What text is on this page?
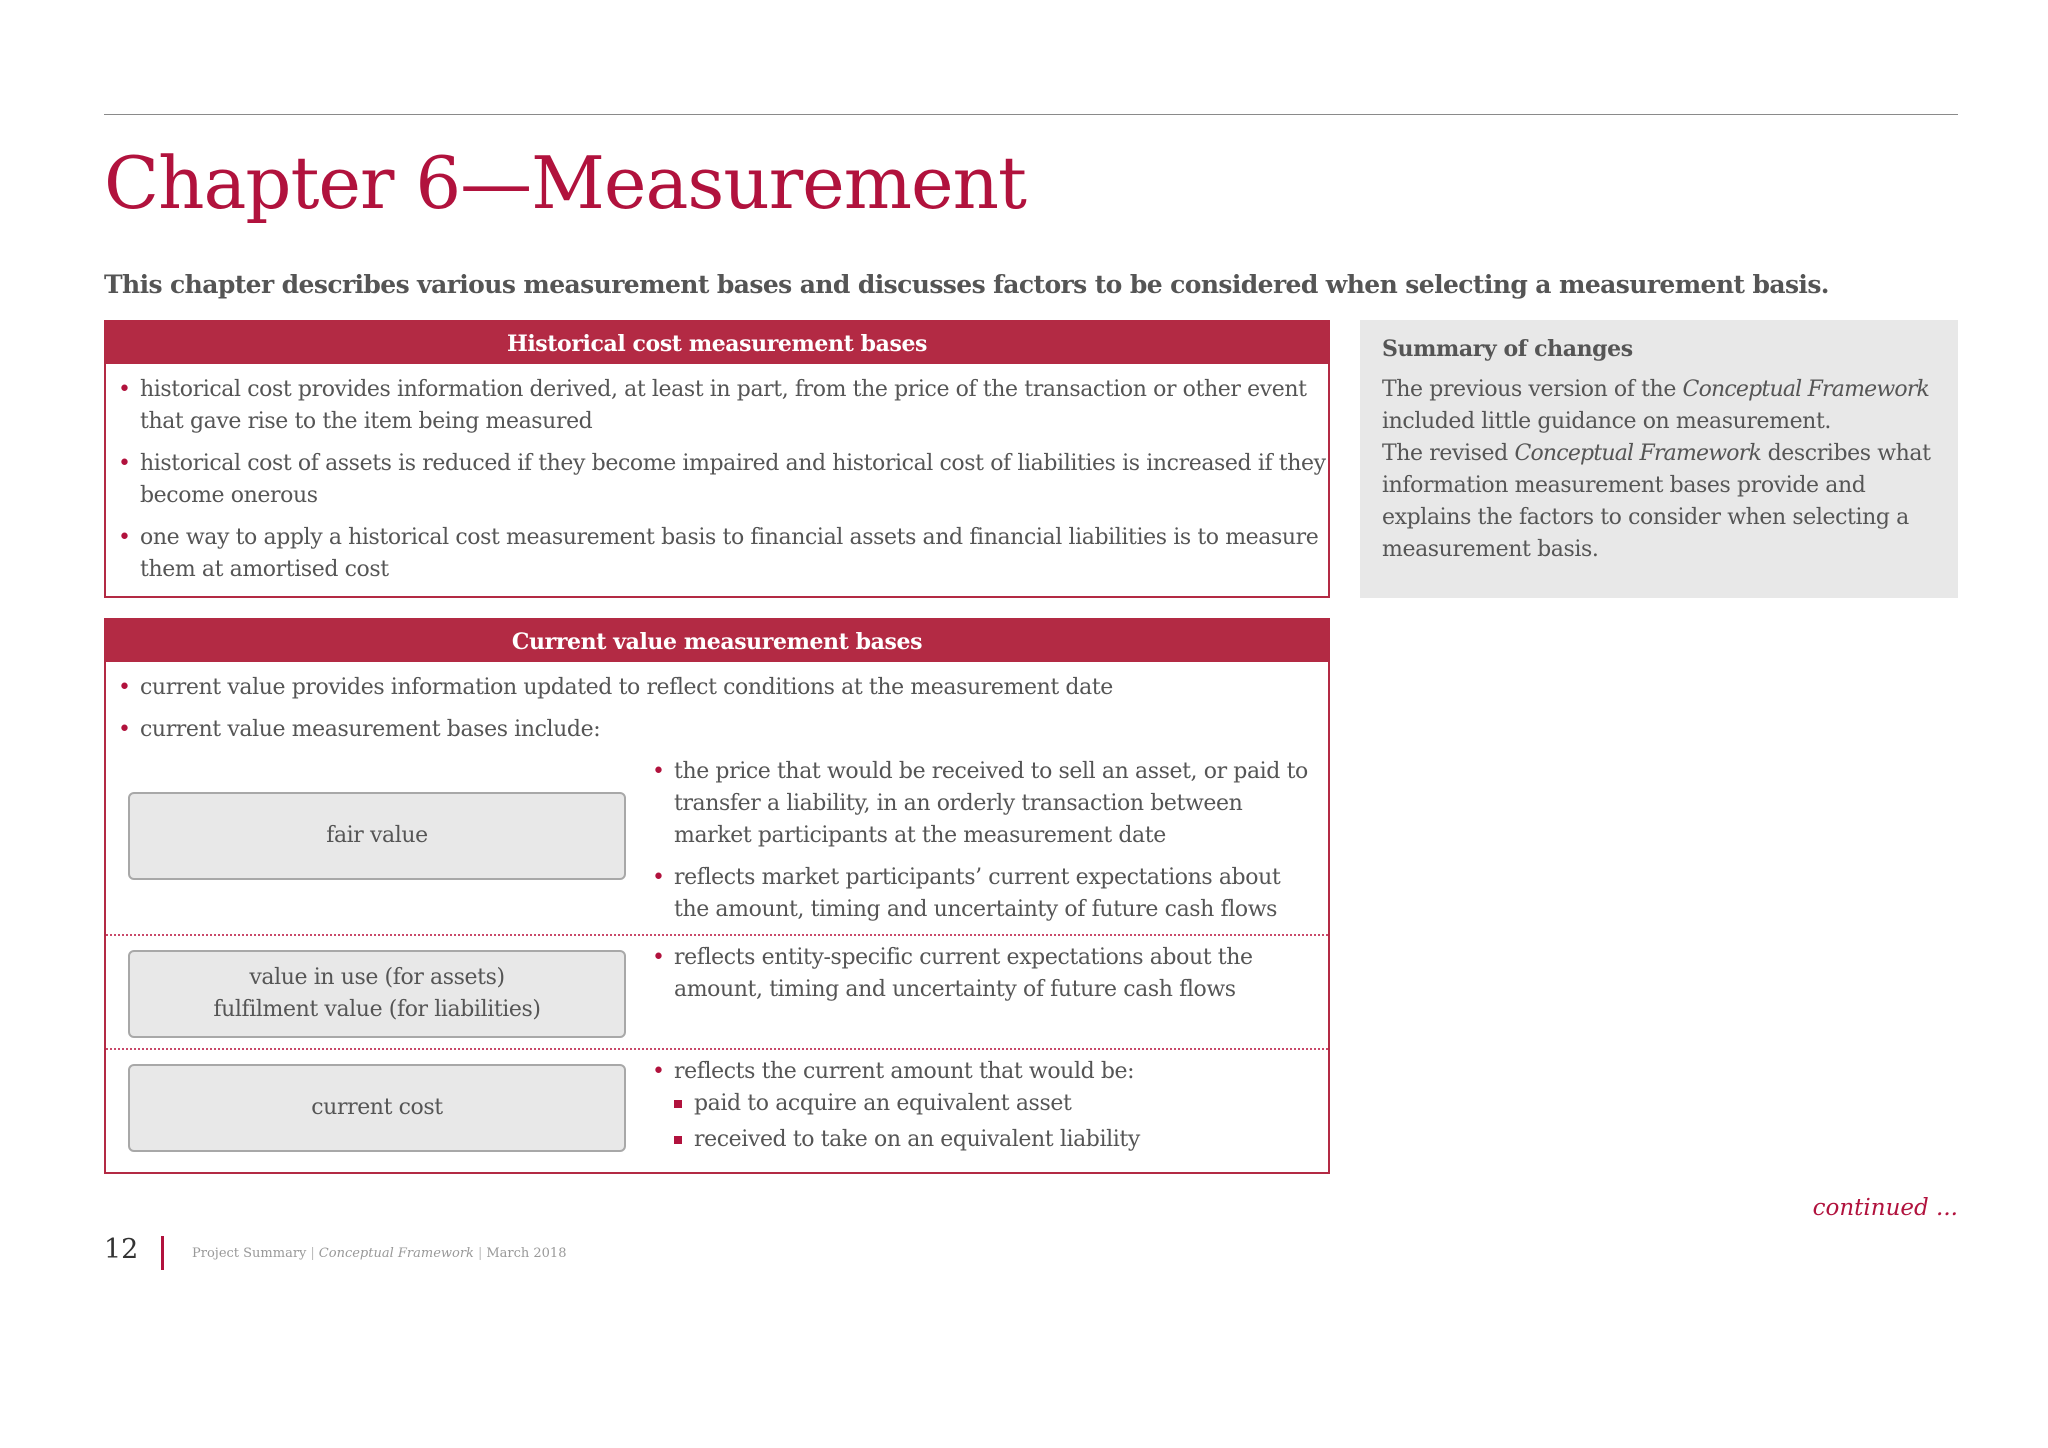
Chapter 6—Measurement

This chapter describes various measurement bases and discusses factors to be considered when selecting a measurement basis.

Historical cost measurement bases
• historical cost provides information derived, at least in part, from the price of the transaction or other event that gave rise to the item being measured
• historical cost of assets is reduced if they become impaired and historical cost of liabilities is increased if they become onerous
• one way to apply a historical cost measurement basis to financial assets and financial liabilities is to measure them at amortised cost
Summary of changes

The previous version of the Conceptual Framework included little guidance on measurement.

The revised Conceptual Framework describes what information measurement bases provide and explains the factors to consider when selecting a measurement basis.

Current value measurement bases
• current value provides information updated to reflect conditions at the measurement date
• current value measurement bases include:
fair value
• the price that would be received to sell an asset, or paid to transfer a liability, in an orderly transaction between market participants at the measurement date
• reflects market participants’ current expectations about the amount, timing and uncertainty of future cash flows
value in use (for assets)
fulfilment value (for liabilities)
• reflects entity-specific current expectations about the amount, timing and uncertainty of future cash flows
current cost
• reflects the current amount that would be:
paid to acquire an equivalent asset
received to take on an equivalent liability
continued ...
12	Project Summary | Conceptual Framework | March 2018
